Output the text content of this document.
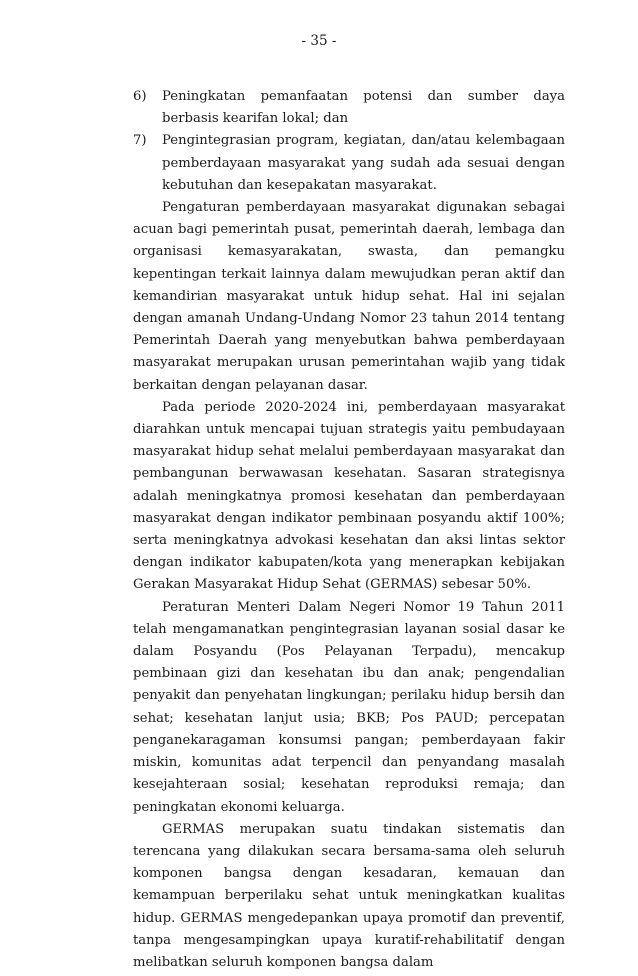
- 35 -
6)	Peningkatan pemanfaatan potensi dan sumber daya berbasis kearifan lokal; dan
7)	Pengintegrasian program, kegiatan, dan/atau kelembagaan pemberdayaan masyarakat yang sudah ada sesuai dengan kebutuhan dan kesepakatan masyarakat.

Pengaturan pemberdayaan masyarakat digunakan sebagai acuan bagi pemerintah pusat, pemerintah daerah, lembaga dan organisasi kemasyarakatan, swasta, dan pemangku kepentingan terkait lainnya dalam mewujudkan peran aktif dan kemandirian masyarakat untuk hidup sehat. Hal ini sejalan dengan amanah Undang-Undang Nomor 23 tahun 2014 tentang Pemerintah Daerah yang menyebutkan bahwa pemberdayaan masyarakat merupakan urusan pemerintahan wajib yang tidak berkaitan dengan pelayanan dasar.

Pada periode 2020-2024 ini, pemberdayaan masyarakat diarahkan untuk mencapai tujuan strategis yaitu pembudayaan masyarakat hidup sehat melalui pemberdayaan masyarakat dan pembangunan berwawasan kesehatan. Sasaran strategisnya adalah meningkatnya promosi kesehatan dan pemberdayaan masyarakat dengan indikator pembinaan posyandu aktif 100%; serta meningkatnya advokasi kesehatan dan aksi lintas sektor dengan indikator kabupaten/kota yang menerapkan kebijakan Gerakan Masyarakat Hidup Sehat (GERMAS) sebesar 50%.

Peraturan Menteri Dalam Negeri Nomor 19 Tahun 2011 telah mengamanatkan pengintegrasian layanan sosial dasar ke dalam Posyandu (Pos Pelayanan Terpadu), mencakup pembinaan gizi dan kesehatan ibu dan anak; pengendalian penyakit dan penyehatan lingkungan; perilaku hidup bersih dan sehat; kesehatan lanjut usia; BKB; Pos PAUD; percepatan penganekaragaman konsumsi pangan; pemberdayaan fakir miskin, komunitas adat terpencil dan penyandang masalah kesejahteraan sosial; kesehatan reproduksi remaja; dan peningkatan ekonomi keluarga.

GERMAS merupakan suatu tindakan sistematis dan terencana yang dilakukan secara bersama-sama oleh seluruh komponen bangsa dengan kesadaran, kemauan dan kemampuan berperilaku sehat untuk meningkatkan kualitas hidup. GERMAS mengedepankan upaya promotif dan preventif, tanpa mengesampingkan upaya kuratif-rehabilitatif dengan melibatkan seluruh komponen bangsa dalam
